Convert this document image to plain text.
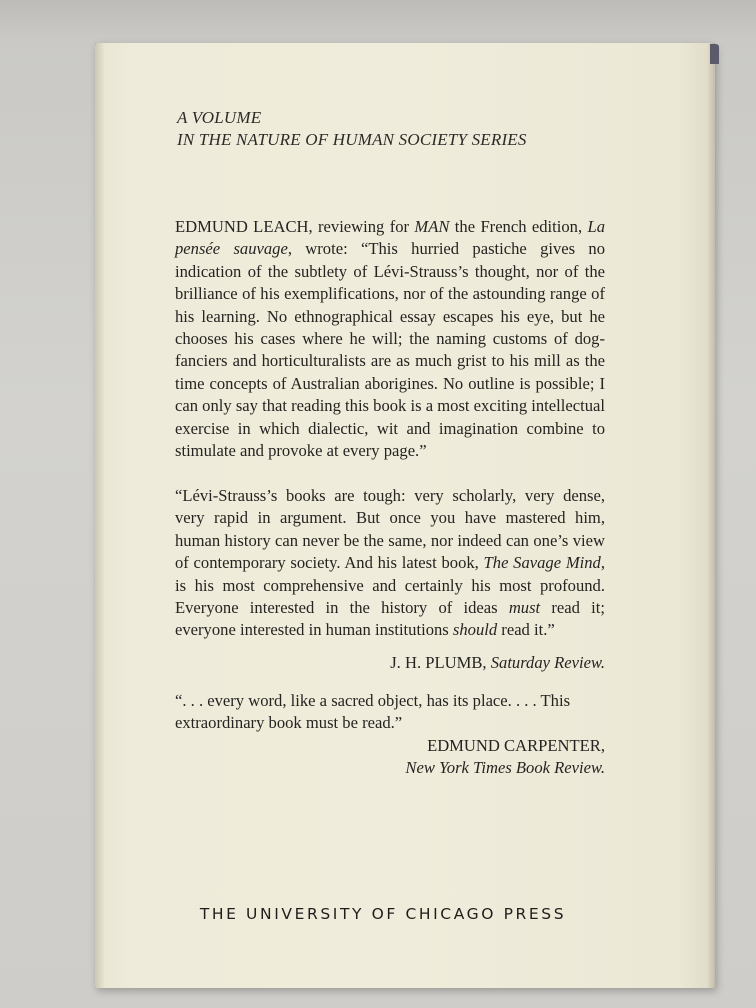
A VOLUME
IN THE NATURE OF HUMAN SOCIETY SERIES
EDMUND LEACH, reviewing for MAN the French edition, La pensée sauvage, wrote: “This hurried pastiche gives no indication of the subtlety of Lévi-Strauss’s thought, nor of the brilliance of his exemplifications, nor of the astounding range of his learning. No ethnographical essay escapes his eye, but he chooses his cases where he will; the naming customs of dog-fanciers and horticulturalists are as much grist to his mill as the time concepts of Australian aborigines. No outline is possible; I can only say that reading this book is a most exciting intellectual exercise in which dialectic, wit and imagination combine to stimulate and provoke at every page.”
“Lévi-Strauss’s books are tough: very scholarly, very dense, very rapid in argument. But once you have mastered him, human history can never be the same, nor indeed can one’s view of contemporary society. And his latest book, The Savage Mind, is his most comprehensive and certainly his most profound. Everyone interested in the history of ideas must read it; everyone interested in human institutions should read it.”
J. H. PLUMB, Saturday Review.
“. . . every word, like a sacred object, has its place. . . . This extraordinary book must be read.”
EDMUND CARPENTER,
New York Times Book Review.
THE UNIVERSITY OF CHICAGO PRESS
